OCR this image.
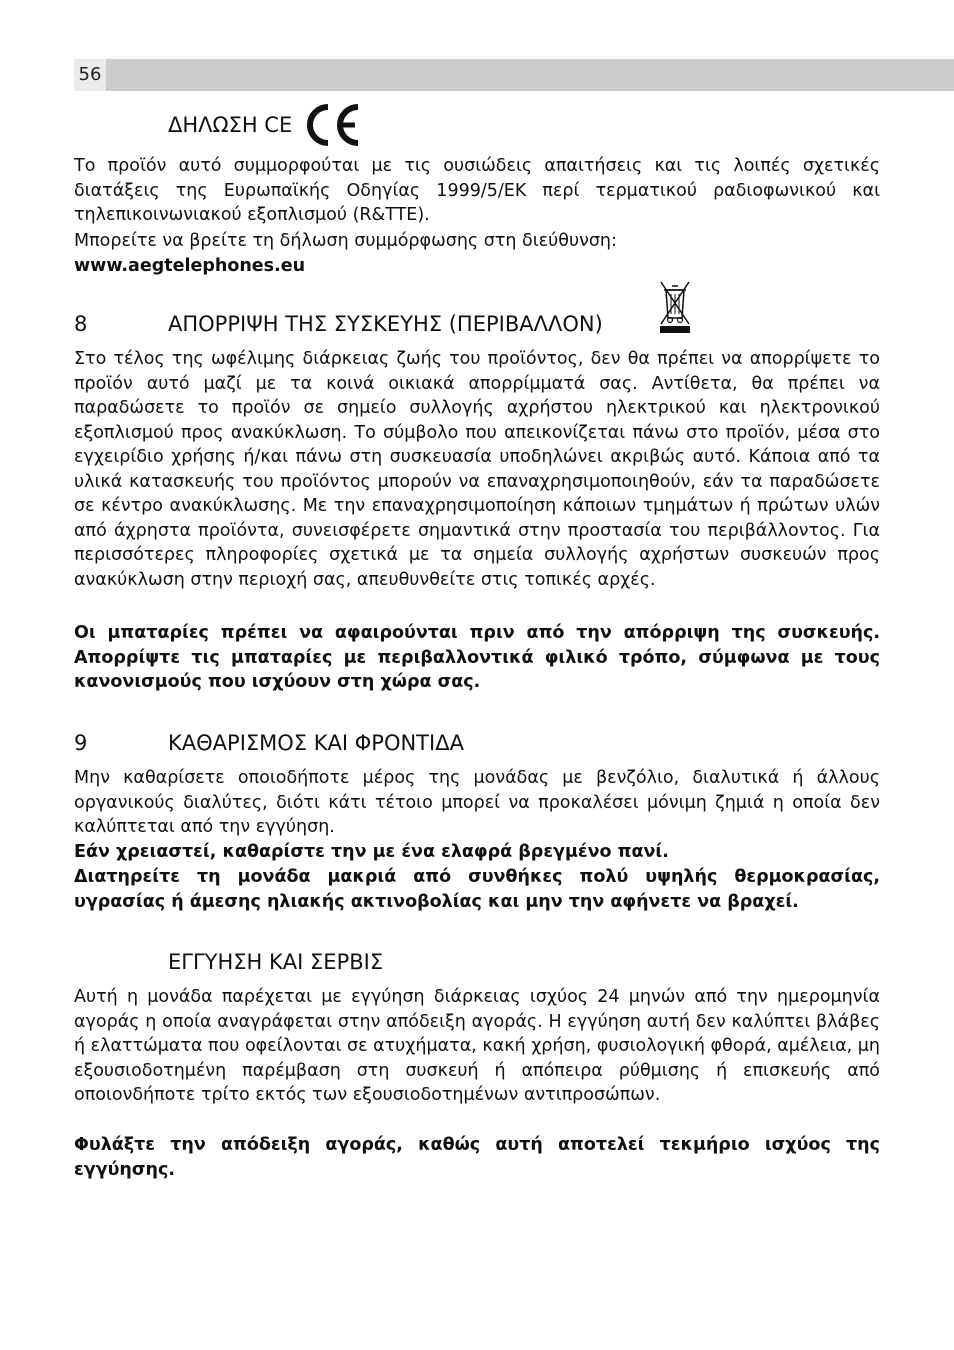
56
ΔΗΛΩΣΗ CE

Το προϊόν αυτό συμμορφούται με τις ουσιώδεις απαιτήσεις και τις λοιπές σχετικές διατάξεις της Ευρωπαϊκής Οδηγίας 1999/5/ΕΚ περί τερματικού ραδιοφωνικού και τηλεπικοινωνιακού εξοπλισμού (R&TTE).

Μπορείτε να βρείτε τη δήλωση συμμόρφωσης στη διεύθυνση:

www.aegtelephones.eu

8	ΑΠΟΡΡΙΨΗ ΤΗΣ ΣΥΣΚΕΥΗΣ (ΠΕΡΙΒΑΛΛΟΝ)

Στο τέλος της ωφέλιμης διάρκειας ζωής του προϊόντος, δεν θα πρέπει να απορρίψετε το προϊόν αυτό μαζί με τα κοινά οικιακά απορρίμματά σας. Αντίθετα, θα πρέπει να παραδώσετε το προϊόν σε σημείο συλλογής αχρήστου ηλεκτρικού και ηλεκτρονικού εξοπλισμού προς ανακύκλωση. Το σύμβολο που απεικονίζεται πάνω στο προϊόν, μέσα στο εγχειρίδιο χρήσης ή/και πάνω στη συσκευασία υποδηλώνει ακριβώς αυτό. Κάποια από τα υλικά κατασκευής του προϊόντος μπορούν να επαναχρησιμοποιηθούν, εάν τα παραδώσετε σε κέντρο ανακύκλωσης. Με την επαναχρησιμοποίηση κάποιων τμημάτων ή πρώτων υλών από άχρηστα προϊόντα, συνεισφέρετε σημαντικά στην προστασία του περιβάλλοντος. Για περισσότερες πληροφορίες σχετικά με τα σημεία συλλογής αχρήστων συσκευών προς ανακύκλωση στην περιοχή σας, απευθυνθείτε στις τοπικές αρχές.

Οι μπαταρίες πρέπει να αφαιρούνται πριν από την απόρριψη της συσκευής. Απορρίψτε τις μπαταρίες με περιβαλλοντικά φιλικό τρόπο, σύμφωνα με τους κανονισμούς που ισχύουν στη χώρα σας.

9	ΚΑΘΑΡΙΣΜΟΣ ΚΑΙ ΦΡΟΝΤΙΔΑ

Μην καθαρίσετε οποιοδήποτε μέρος της μονάδας με βενζόλιο, διαλυτικά ή άλλους οργανικούς διαλύτες, διότι κάτι τέτοιο μπορεί να προκαλέσει μόνιμη ζημιά η οποία δεν καλύπτεται από την εγγύηση.

Εάν χρειαστεί, καθαρίστε την με ένα ελαφρά βρεγμένο πανί.

Διατηρείτε τη μονάδα μακριά από συνθήκες πολύ υψηλής θερμοκρασίας, υγρασίας ή άμεσης ηλιακής ακτινοβολίας και μην την αφήνετε να βραχεί.

ΕΓΓΥΗΣΗ ΚΑΙ ΣΕΡΒΙΣ

Αυτή η μονάδα παρέχεται με εγγύηση διάρκειας ισχύος 24 μηνών από την ημερομηνία αγοράς η οποία αναγράφεται στην απόδειξη αγοράς. Η εγγύηση αυτή δεν καλύπτει βλάβες ή ελαττώματα που οφείλονται σε ατυχήματα, κακή χρήση, φυσιολογική φθορά, αμέλεια, μη εξουσιοδοτημένη παρέμβαση στη συσκευή ή απόπειρα ρύθμισης ή επισκευής από οποιονδήποτε τρίτο εκτός των εξουσιοδοτημένων αντιπροσώπων.

Φυλάξτε την απόδειξη αγοράς, καθώς αυτή αποτελεί τεκμήριο ισχύος της εγγύησης.
